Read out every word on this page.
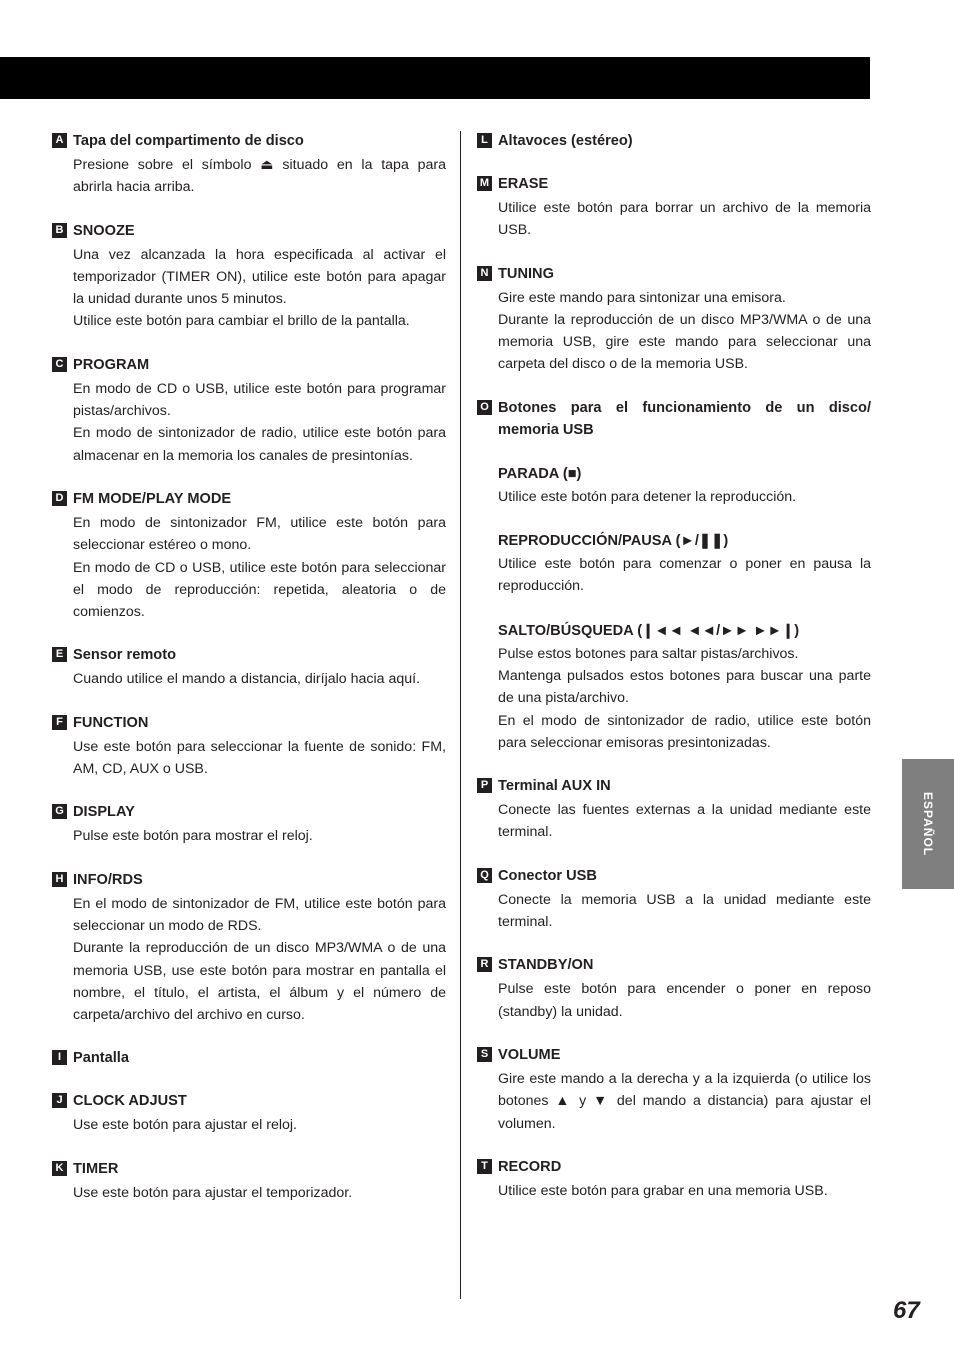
A Tapa del compartimento de disco

Presione sobre el símbolo ⏏ situado en la tapa para abrirla hacia arriba.

B SNOOZE

Una vez alcanzada la hora especificada al activar el temporizador (TIMER ON), utilice este botón para apagar la unidad durante unos 5 minutos.

Utilice este botón para cambiar el brillo de la pantalla.

C PROGRAM

En modo de CD o USB, utilice este botón para programar pistas/archivos.

En modo de sintonizador de radio, utilice este botón para almacenar en la memoria los canales de presintonías.

D FM MODE/PLAY MODE

En modo de sintonizador FM, utilice este botón para seleccionar estéreo o mono.

En modo de CD o USB, utilice este botón para seleccionar el modo de reproducción: repetida, aleatoria o de comienzos.

E Sensor remoto

Cuando utilice el mando a distancia, diríjalo hacia aquí.

F FUNCTION

Use este botón para seleccionar la fuente de sonido: FM, AM, CD, AUX o USB.

G DISPLAY

Pulse este botón para mostrar el reloj.

H INFO/RDS

En el modo de sintonizador de FM, utilice este botón para seleccionar un modo de RDS.

Durante la reproducción de un disco MP3/WMA o de una memoria USB, use este botón para mostrar en pantalla el nombre, el título, el artista, el álbum y el número de carpeta/archivo del archivo en curso.

I Pantalla
J CLOCK ADJUST

Use este botón para ajustar el reloj.

K TIMER

Use este botón para ajustar el temporizador.

L Altavoces (estéreo)
M ERASE

Utilice este botón para borrar un archivo de la memoria USB.

N TUNING

Gire este mando para sintonizar una emisora.

Durante la reproducción de un disco MP3/WMA o de una memoria USB, gire este mando para seleccionar una carpeta del disco o de la memoria USB.

O Botones para el funcionamiento de un disco/ memoria USB
PARADA (■)

Utilice este botón para detener la reproducción.

REPRODUCCIÓN/PAUSA (►/❚❚)

Utilice este botón para comenzar o poner en pausa la reproducción.

SALTO/BÚSQUEDA (❙◄◄ ◄◄/►► ►►❙)

Pulse estos botones para saltar pistas/archivos.

Mantenga pulsados estos botones para buscar una parte de una pista/archivo.

En el modo de sintonizador de radio, utilice este botón para seleccionar emisoras presintonizadas.

P Terminal AUX IN

Conecte las fuentes externas a la unidad mediante este terminal.

Q Conector USB

Conecte la memoria USB a la unidad mediante este terminal.

R STANDBY/ON

Pulse este botón para encender o poner en reposo (standby) la unidad.

S VOLUME

Gire este mando a la derecha y a la izquierda (o utilice los botones ▲ y ▼ del mando a distancia) para ajustar el volumen.

T RECORD

Utilice este botón para grabar en una memoria USB.

ESPAÑOL
67
